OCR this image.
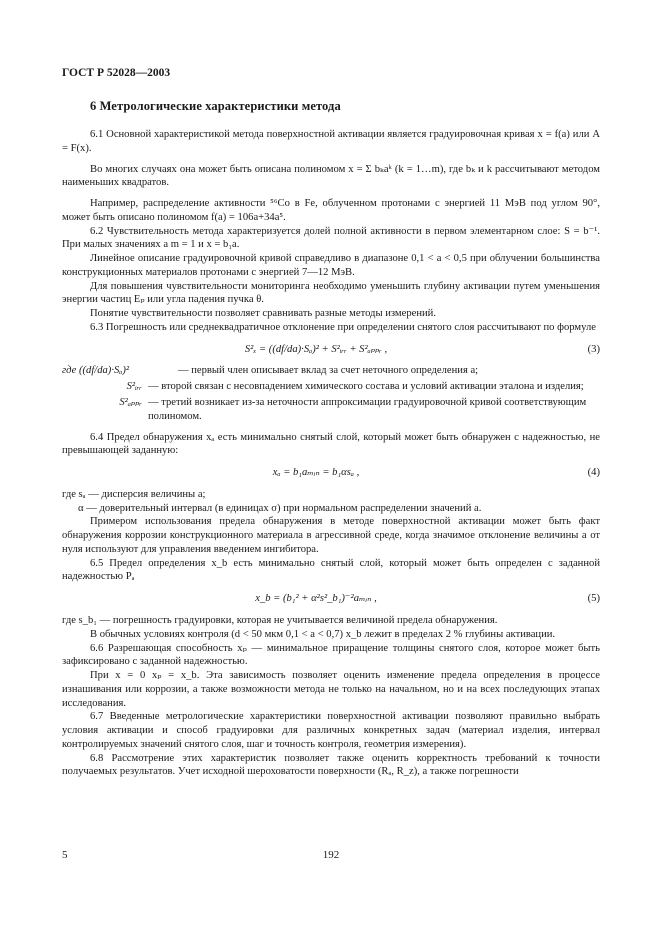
ГОСТ Р 52028—2003
6 Метрологические характеристики метода

6.1 Основной характеристикой метода поверхностной активации является градуировочная кривая x = f(a) или A = F(x).

Во многих случаях она может быть описана полиномом x = Σ bₖaᵏ (k = 1…m), где bₖ и k рассчитывают методом наименьших квадратов.

Например, распределение активности ⁵⁶Co в Fe, облученном протонами с энергией 11 МэВ под углом 90°, может быть описано полиномом f(a) = 106a+34a⁵.

6.2 Чувствительность метода характеризуется долей полной активности в первом элементарном слое: S = b⁻¹. При малых значениях a m = 1 и x = b₁a.

Линейное описание градуировочной кривой справедливо в диапазоне 0,1 < a < 0,5 при облучении большинства конструкционных материалов протонами с энергией 7—12 МэВ.

Для повышения чувствительности мониторинга необходимо уменьшить глубину активации путем уменьшения энергии частиц Eₚ или угла падения пучка θ.

Понятие чувствительности позволяет сравнивать разные методы измерений.

6.3 Погрешность или среднеквадратичное отклонение при определении снятого слоя рассчитывают по формуле

S²ₓ = ((df/da)·Sₐ)² + S²ᵢᵣᵣ + S²ₐₚₚᵣ ,	(3)
где ((df/da)·Sₐ)²	— первый член описывает вклад за счет неточного определения a;
S²ᵢᵣᵣ — второй связан с несовпадением химического состава и условий активации эталона и изделия;
S²ₐₚₚᵣ — третий возникает из-за неточности аппроксимации градуировочной кривой соответствующим полиномом.

6.4 Предел обнаружения xₐ есть минимально снятый слой, который может быть обнаружен с надежностью, не превышающей заданную:

xₐ = b₁aₘᵢₙ = b₁αsₐ ,	(4)

где sₐ — дисперсия величины a;

α — доверительный интервал (в единицах σ) при нормальном распределении значений a.

Примером использования предела обнаружения в методе поверхностной активации может быть факт обнаружения коррозии конструкционного материала в агрессивной среде, когда значимое отклонение величины a от нуля используют для управления введением ингибитора.

6.5 Предел определения x_b есть минимально снятый слой, который может быть определен с заданной надежностью Pₐ

x_b = (b₁² + α²s²_b₁)⁻²aₘᵢₙ ,	(5)

где s_b₁ — погрешность градуировки, которая не учитывается величиной предела обнаружения.

В обычных условиях контроля (d < 50 мкм 0,1 < a < 0,7) x_b лежит в пределах 2 % глубины активации.

6.6 Разрешающая способность xₚ — минимальное приращение толщины снятого слоя, которое может быть зафиксировано с заданной надежностью.

При x = 0 xₚ = x_b. Эта зависимость позволяет оценить изменение предела определения в процессе изнашивания или коррозии, а также возможности метода не только на начальном, но и на всех последующих этапах исследования.

6.7 Введенные метрологические характеристики поверхностной активации позволяют правильно выбрать условия активации и способ градуировки для различных конкретных задач (материал изделия, интервал контролируемых значений снятого слоя, шаг и точность контроля, геометрия измерения).

6.8 Рассмотрение этих характеристик позволяет также оценить корректность требований к точности получаемых результатов. Учет исходной шероховатости поверхности (Rₐ, R_z), а также погрешности

5	192
